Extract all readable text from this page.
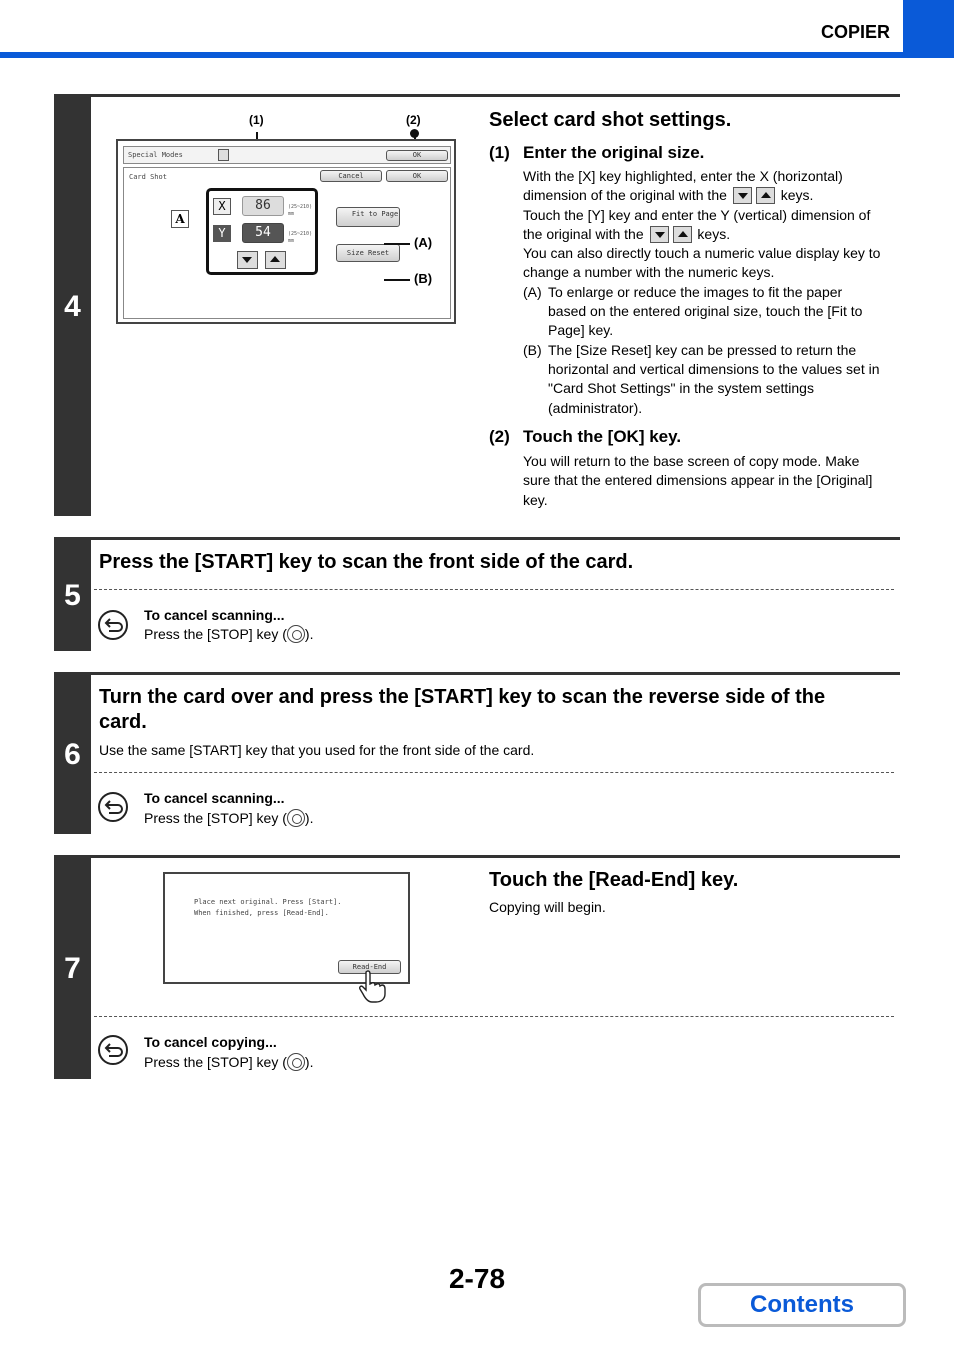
COPIER
4
(1)	(2)
Special Modes	OK
Card Shot	Cancel	OK
A
X	86
Y	54
(25~210)
mm
(25~210)
mm
Fit to Page
Size Reset
(A)
(B)
Select card shot settings.
(1) Enter the original size.
With the [X] key highlighted, enter the X (horizontal)
dimension of the original with the	keys.
Touch the [Y] key and enter the Y (vertical) dimension of
the original with the	keys.
You can also directly touch a numeric value display key to
change a number with the numeric keys.
(A) To enlarge or reduce the images to fit the paper
based on the entered original size, touch the [Fit to
Page] key.
(B) The [Size Reset] key can be pressed to return the
horizontal and vertical dimensions to the values set in
"Card Shot Settings" in the system settings
(administrator).
(2) Touch the [OK] key.
You will return to the base screen of copy mode. Make
sure that the entered dimensions appear in the [Original]
key.
5
Press the [START] key to scan the front side of the card.
To cancel scanning...
Press the [STOP] key ( ).
6
Turn the card over and press the [START] key to scan the reverse side of the
card.
Use the same [START] key that you used for the front side of the card.
To cancel scanning...
Press the [STOP] key ( ).
7
Place next original. Press [Start].
When finished, press [Read-End].
Read-End
Touch the [Read-End] key.
Copying will begin.
To cancel copying...
Press the [STOP] key ( ).
2-78
Contents
